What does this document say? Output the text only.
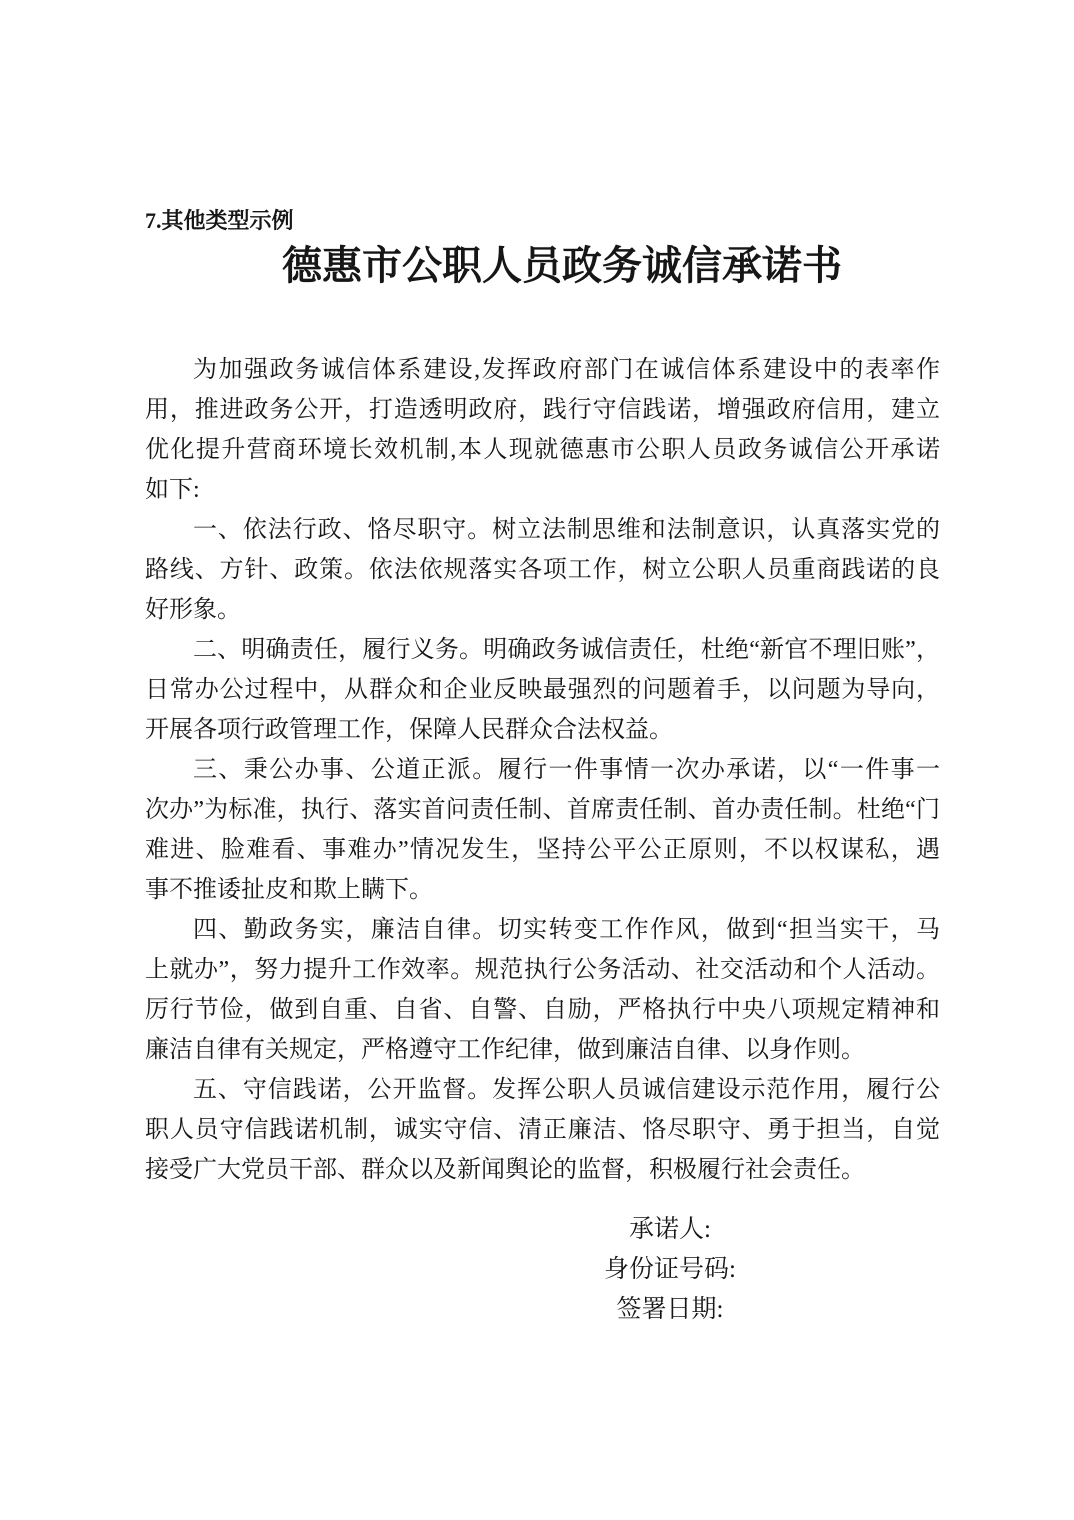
7.其他类型示例
德惠市公职人员政务诚信承诺书
为加强政务诚信体系建设,发挥政府部门在诚信体系建设中的表率作
用，推进政务公开，打造透明政府，践行守信践诺，增强政府信用，建立
优化提升营商环境长效机制,本人现就德惠市公职人员政务诚信公开承诺
如下:
一、依法行政、恪尽职守。树立法制思维和法制意识，认真落实党的
路线、方针、政策。依法依规落实各项工作，树立公职人员重商践诺的良
好形象。
二、明确责任，履行义务。明确政务诚信责任，杜绝“新官不理旧账”，
日常办公过程中，从群众和企业反映最强烈的问题着手，以问题为导向，
开展各项行政管理工作，保障人民群众合法权益。
三、秉公办事、公道正派。履行一件事情一次办承诺，以“一件事一
次办”为标准，执行、落实首问责任制、首席责任制、首办责任制。杜绝“门
难进、脸难看、事难办”情况发生，坚持公平公正原则，不以权谋私，遇
事不推诿扯皮和欺上瞒下。
四、勤政务实，廉洁自律。切实转变工作作风，做到“担当实干，马
上就办”，努力提升工作效率。规范执行公务活动、社交活动和个人活动。
厉行节俭，做到自重、自省、自警、自励，严格执行中央八项规定精神和
廉洁自律有关规定，严格遵守工作纪律，做到廉洁自律、以身作则。
五、守信践诺，公开监督。发挥公职人员诚信建设示范作用，履行公
职人员守信践诺机制，诚实守信、清正廉洁、恪尽职守、勇于担当，自觉
接受广大党员干部、群众以及新闻舆论的监督，积极履行社会责任。
承诺人:
身份证号码:
签署日期:
